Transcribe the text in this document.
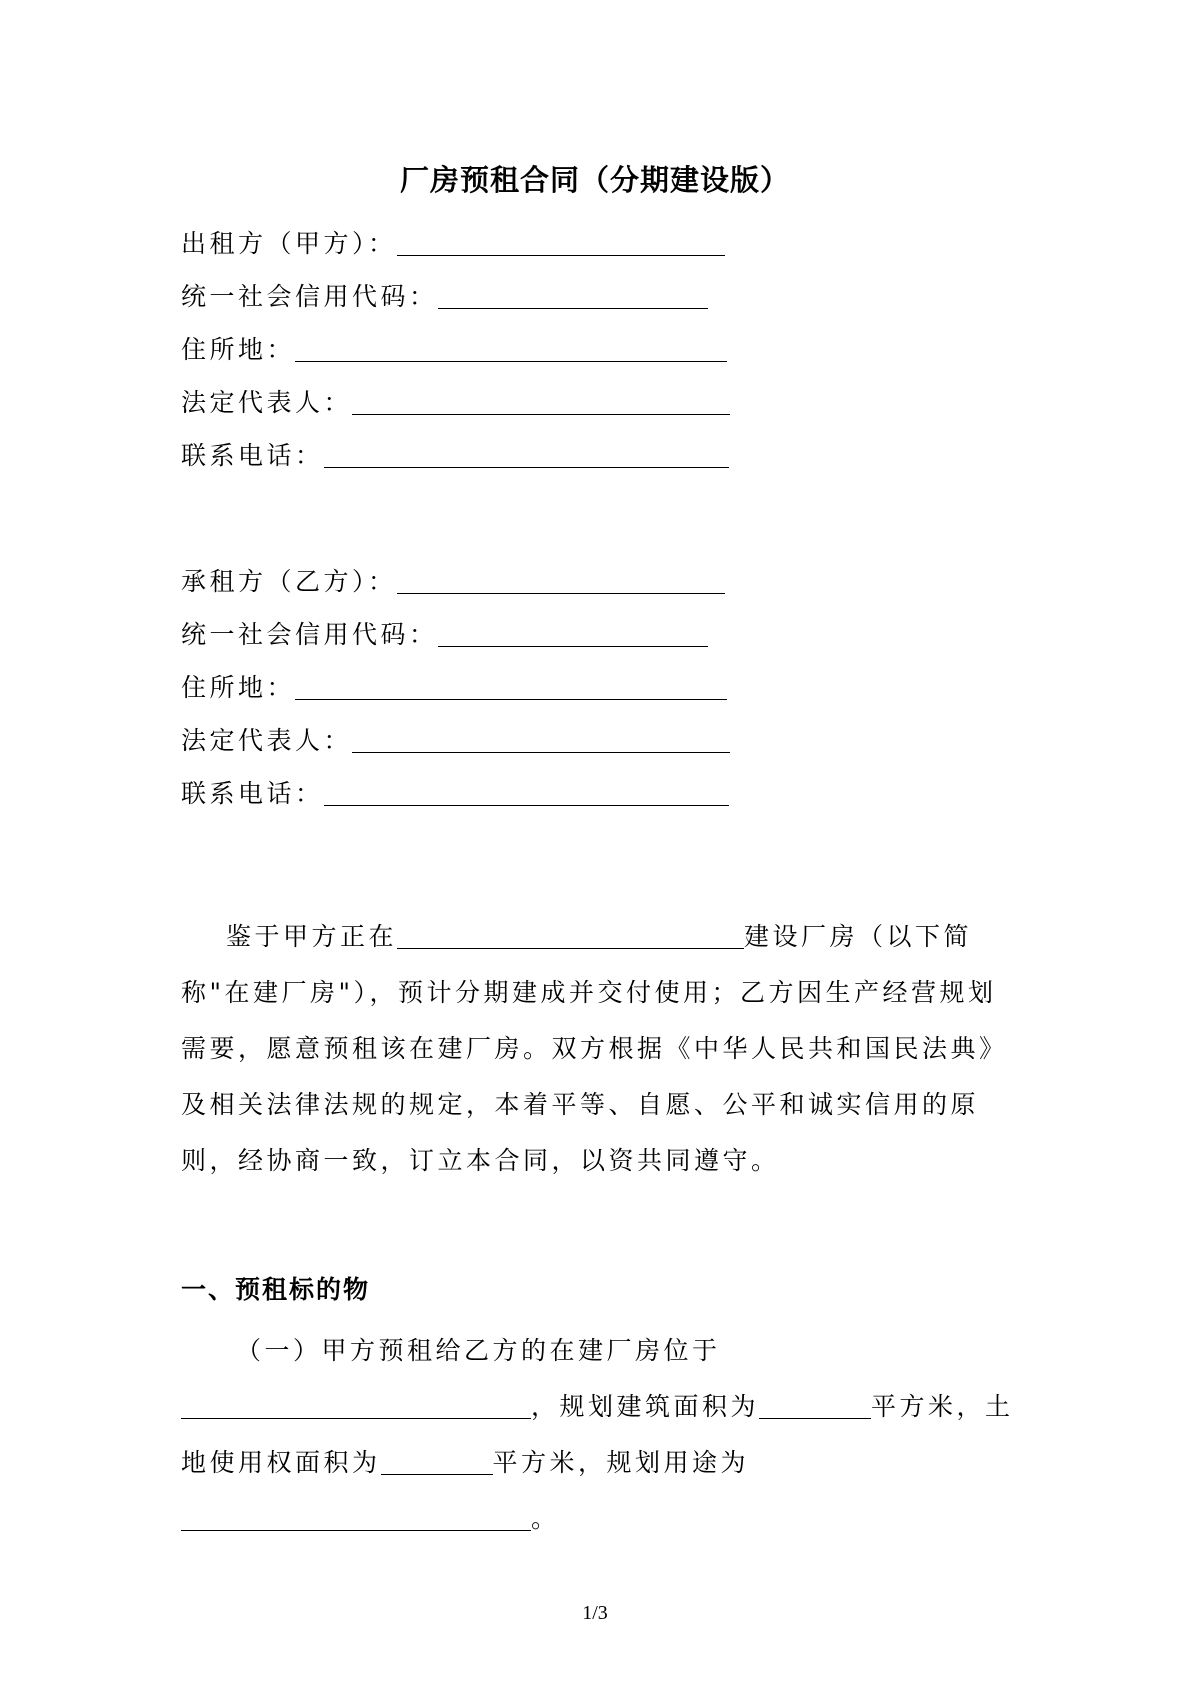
厂房预租合同（分期建设版）
出租方（甲方）：
统一社会信用代码：
住所地：
法定代表人：
联系电话：
承租方（乙方）：
统一社会信用代码：
住所地：
法定代表人：
联系电话：
鉴于甲方正在	建设厂房（以下简
称"在建厂房"），预计分期建成并交付使用；乙方因生产经营规划
需要，愿意预租该在建厂房。双方根据《中华人民共和国民法典》
及相关法律法规的规定，本着平等、自愿、公平和诚实信用的原
则，经协商一致，订立本合同，以资共同遵守。
一、预租标的物
（一）甲方预租给乙方的在建厂房位于
，规划建筑面积为	平方米，土
地使用权面积为	平方米，规划用途为
。
1/3
